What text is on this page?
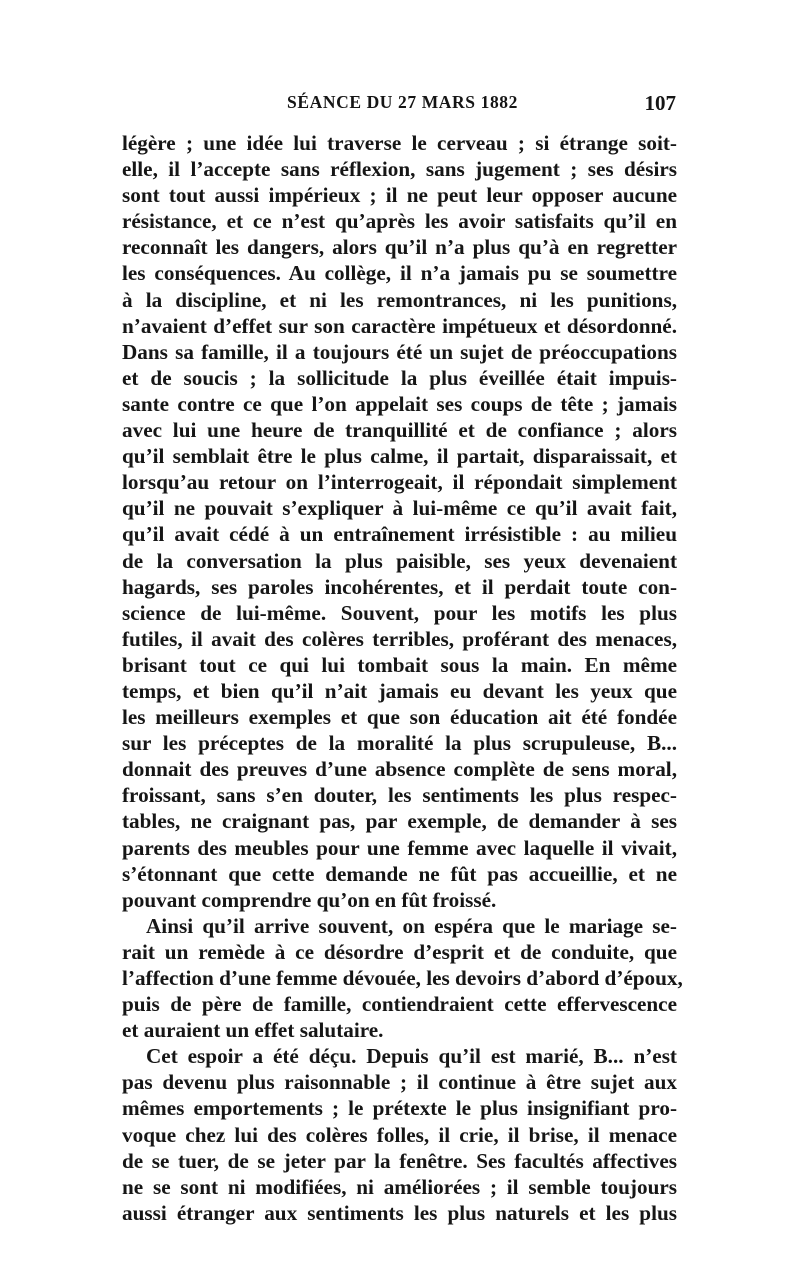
SÉANCE DU 27 MARS 1882	107
légère ; une idée lui traverse le cerveau ; si étrange soit-
elle, il l’accepte sans réflexion, sans jugement ; ses désirs
sont tout aussi impérieux ; il ne peut leur opposer aucune
résistance, et ce n’est qu’après les avoir satisfaits qu’il en
reconnaît les dangers, alors qu’il n’a plus qu’à en regretter
les conséquences. Au collège, il n’a jamais pu se soumettre
à la discipline, et ni les remontrances, ni les punitions,
n’avaient d’effet sur son caractère impétueux et désordonné.
Dans sa famille, il a toujours été un sujet de préoccupations
et de soucis ; la sollicitude la plus éveillée était impuis-
sante contre ce que l’on appelait ses coups de tête ; jamais
avec lui une heure de tranquillité et de confiance ; alors
qu’il semblait être le plus calme, il partait, disparaissait, et
lorsqu’au retour on l’interrogeait, il répondait simplement
qu’il ne pouvait s’expliquer à lui-même ce qu’il avait fait,
qu’il avait cédé à un entraînement irrésistible : au milieu
de la conversation la plus paisible, ses yeux devenaient
hagards, ses paroles incohérentes, et il perdait toute con-
science de lui-même. Souvent, pour les motifs les plus
futiles, il avait des colères terribles, proférant des menaces,
brisant tout ce qui lui tombait sous la main. En même
temps, et bien qu’il n’ait jamais eu devant les yeux que
les meilleurs exemples et que son éducation ait été fondée
sur les préceptes de la moralité la plus scrupuleuse, B...
donnait des preuves d’une absence complète de sens moral,
froissant, sans s’en douter, les sentiments les plus respec-
tables, ne craignant pas, par exemple, de demander à ses
parents des meubles pour une femme avec laquelle il vivait,
s’étonnant que cette demande ne fût pas accueillie, et ne
pouvant comprendre qu’on en fût froissé.
Ainsi qu’il arrive souvent, on espéra que le mariage se-
rait un remède à ce désordre d’esprit et de conduite, que
l’affection d’une femme dévouée, les devoirs d’abord d’époux,
puis de père de famille, contiendraient cette effervescence
et auraient un effet salutaire.
Cet espoir a été déçu. Depuis qu’il est marié, B... n’est
pas devenu plus raisonnable ; il continue à être sujet aux
mêmes emportements ; le prétexte le plus insignifiant pro-
voque chez lui des colères folles, il crie, il brise, il menace
de se tuer, de se jeter par la fenêtre. Ses facultés affectives
ne se sont ni modifiées, ni améliorées ; il semble toujours
aussi étranger aux sentiments les plus naturels et les plus
